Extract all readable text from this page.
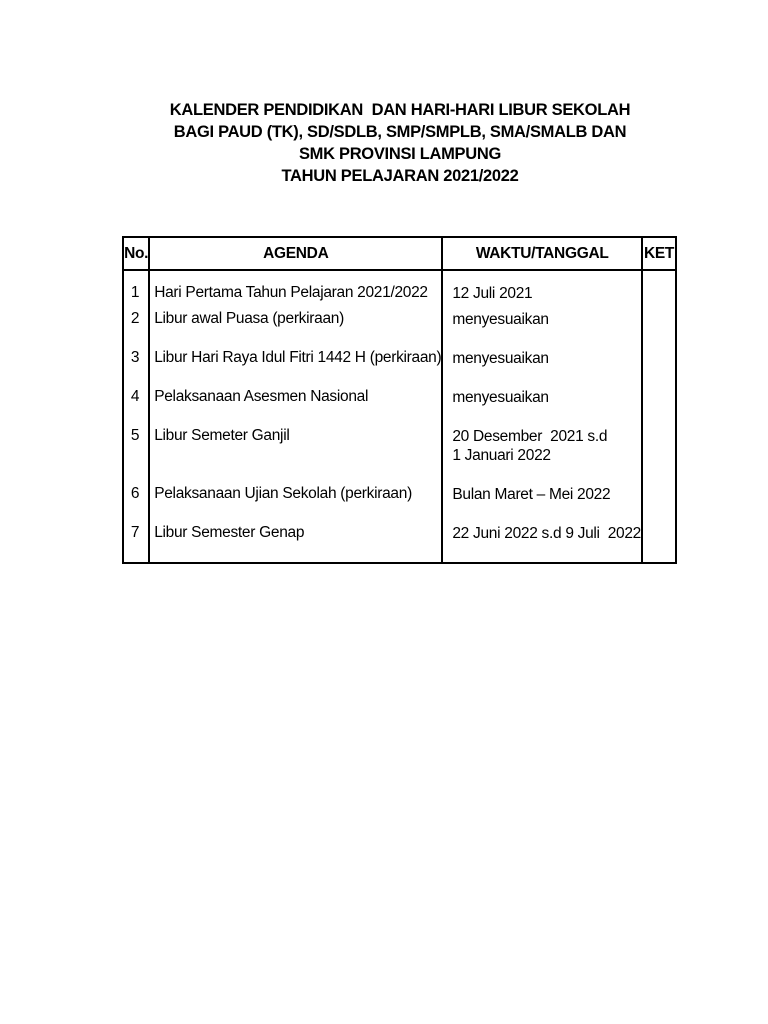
KALENDER PENDIDIKAN  DAN HARI-HARI LIBUR SEKOLAH
BAGI PAUD (TK), SD/SDLB, SMP/SMPLB, SMA/SMALB DAN
SMK PROVINSI LAMPUNG
TAHUN PELAJARAN 2021/2022
No.	AGENDA	WAKTU/TANGGAL	KET
1	Hari Pertama Tahun Pelajaran 2021/2022	12 Juli 2021	
2	Libur awal Puasa (perkiraan)	menyesuaikan	
3	Libur Hari Raya Idul Fitri 1442 H (perkiraan)	menyesuaikan	
4	Pelaksanaan Asesmen Nasional	menyesuaikan	
5	Libur Semeter Ganjil	20 Desember  2021 s.d
1 Januari 2022	
6	Pelaksanaan Ujian Sekolah (perkiraan)	Bulan Maret – Mei 2022	
7	Libur Semester Genap	22 Juni 2022 s.d 9 Juli  2022	
